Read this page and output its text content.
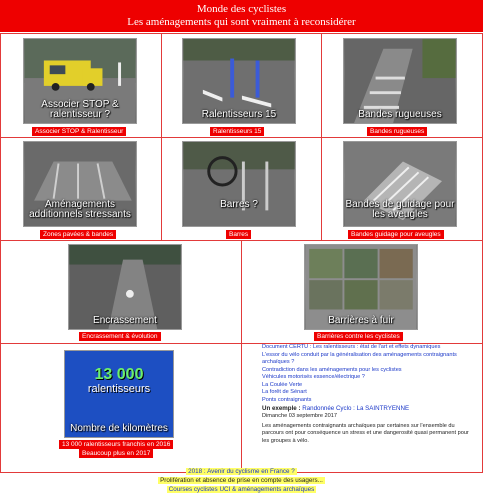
Monde des cyclistes
Les aménagements qui sont vraiment à reconsidérer
Associer STOP & ralentisseur ?
Associer STOP & Ralentisseur
Ralentisseurs 15
Ralentisseurs 15
Bandes rugueuses
Bandes rugueuses
Aménagements additionnels stressants
Zones pavées & bandes
Barres ?
Barres
Bandes de guidage pour les aveugles
Bandes guidage pour aveugles
Encrassement
Encrassement & évolution
Barrières à fuir
Barrières contre les cyclistes
13 000
ralentisseurs
Nombre de kilomètres
13 000 ralentisseurs franchis en 2016
Beaucoup plus en 2017
Document CERTU : Les ralentisseurs : état de l'art et effets dynamiques
L'essor du vélo conduit par la généralisation des aménagements contraignants archaïques ?
Contradiction dans les aménagements pour les cyclistes
Véhicules motorisés essence/électrique ?
La Coulée Verte
La forêt de Sénart
Ponts contraignants
Un exemple : Randonnée Cyclo : La SAINTRYENNE
Dimanche 03 septembre 2017
Les aménagements contraignants archaïques par certaines sur l'ensemble du parcours ont pour conséquence un stress et une dangerosité quasi permanent pour les groupes à vélo.
2018 : Avenir du cyclisme en France ?
Prolifération et absence de prise en compte des usagers...
Courses cyclistes UCI & aménagements archaïques
